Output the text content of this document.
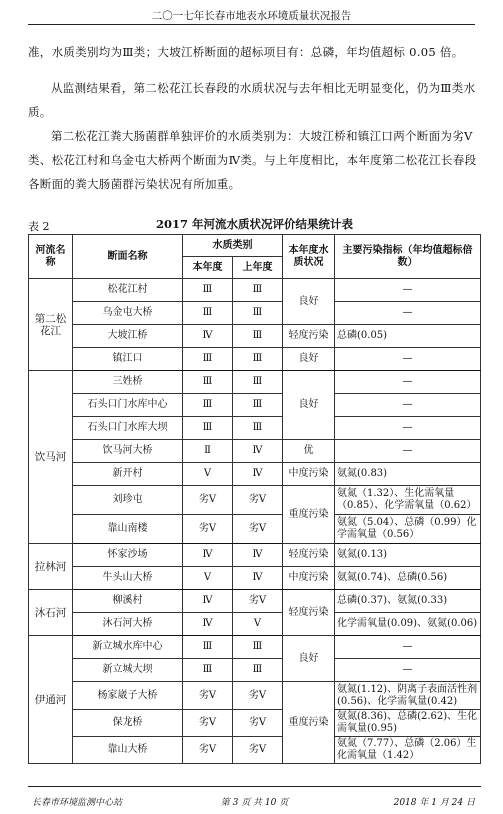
二〇一七年长春市地表水环境质量状况报告
准，水质类别均为Ⅲ类；大坡江桥断面的超标项目有：总磷，年均值超标 0.05 倍。
从监测结果看，第二松花江长春段的水质状况与去年相比无明显变化，仍为Ⅲ类水质。
第二松花江粪大肠菌群单独评价的水质类别为：大坡江桥和镇江口两个断面为劣Ⅴ类、松花江村和乌金屯大桥两个断面为Ⅳ类。与上年度相比，本年度第二松花江长春段各断面的粪大肠菌群污染状况有所加重。
表 2	2017 年河流水质状况评价结果统计表
河流名称	断面名称	水质类别		本年度水质状况	主要污染指标（年均值超标倍数）
		本年度	上年度		
第二松花江	松花江村	Ⅲ	Ⅲ	良好	—
	乌金屯大桥	Ⅲ	Ⅲ		—
	大坡江桥	Ⅳ	Ⅲ	轻度污染	总磷(0.05)
	镇江口	Ⅲ	Ⅲ	良好	—
饮马河	三姓桥	Ⅲ	Ⅲ	良好	—
	石头口门水库中心	Ⅲ	Ⅲ		—
	石头口门水库大坝	Ⅲ	Ⅲ		—
	饮马河大桥	Ⅱ	Ⅳ	优	—
	新开村	Ⅴ	Ⅳ	中度污染	氨氮(0.83)
	刘珍屯	劣Ⅴ	劣Ⅴ	重度污染	氨氮（1.32）、生化需氧量（0.85）、化学需氧量（0.62）
	靠山南楼	劣Ⅴ	劣Ⅴ		氨氮（5.04）、总磷（0.99）化学需氧量（0.56）
拉林河	怀家沙场	Ⅳ	Ⅳ	轻度污染	氨氮(0.13)
	牛头山大桥	Ⅴ	Ⅳ	中度污染	氨氮(0.74)、总磷(0.56)
沐石河	柳溪村	Ⅳ	劣Ⅴ	轻度污染	总磷(0.37)、氨氮(0.33)
	沐石河大桥	Ⅳ	Ⅴ		化学需氧量(0.09)、氨氮(0.06)
伊通河	新立城水库中心	Ⅲ	Ⅲ	良好	—
	新立城大坝	Ⅲ	Ⅲ		—
	杨家崴子大桥	劣Ⅴ	劣Ⅴ	重度污染	氨氮(1.12)、阴离子表面活性剂(0.56)、化学需氧量(0.42)
	保龙桥	劣Ⅴ	劣Ⅴ		氨氮(8.36)、总磷(2.62)、生化需氧量(0.95)
	靠山大桥	劣Ⅴ	劣Ⅴ		氨氮（7.77）、总磷（2.06）生化需氧量（1.42）
长春市环境监测中心站	第 3 页 共 10 页	2018 年 1 月 24 日
